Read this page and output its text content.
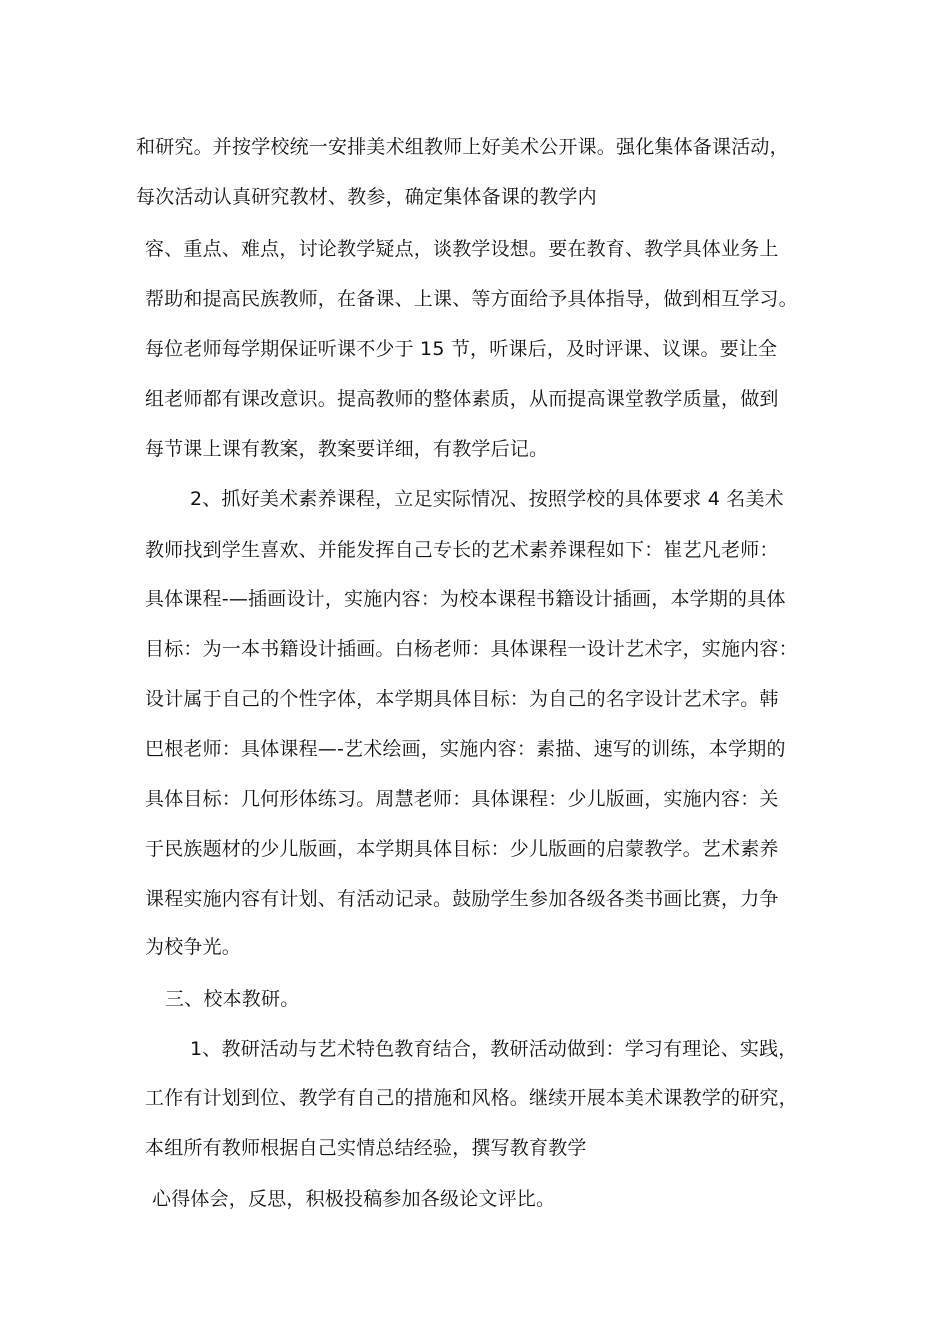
和研究。并按学校统一安排美术组教师上好美术公开课。强化集体备课活动，
每次活动认真研究教材、教参，确定集体备课的教学内
容、重点、难点，讨论教学疑点，谈教学设想。要在教育、教学具体业务上
帮助和提高民族教师，在备课、上课、等方面给予具体指导，做到相互学习。
每位老师每学期保证听课不少于 15 节，听课后，及时评课、议课。要让全
组老师都有课改意识。提高教师的整体素质，从而提高课堂教学质量，做到
每节课上课有教案，教案要详细，有教学后记。
2、抓好美术素养课程，立足实际情况、按照学校的具体要求 4 名美术
教师找到学生喜欢、并能发挥自己专长的艺术素养课程如下：崔艺凡老师：
具体课程-—插画设计，实施内容：为校本课程书籍设计插画，本学期的具体
目标：为一本书籍设计插画。白杨老师：具体课程一设计艺术字，实施内容：
设计属于自己的个性字体，本学期具体目标：为自己的名字设计艺术字。韩
巴根老师：具体课程—-艺术绘画，实施内容：素描、速写的训练，本学期的
具体目标：几何形体练习。周慧老师：具体课程：少儿版画，实施内容：关
于民族题材的少儿版画，本学期具体目标：少儿版画的启蒙教学。艺术素养
课程实施内容有计划、有活动记录。鼓励学生参加各级各类书画比赛，力争
为校争光。
三、校本教研。
1、教研活动与艺术特色教育结合，教研活动做到：学习有理论、实践，
工作有计划到位、教学有自己的措施和风格。继续开展本美术课教学的研究，
本组所有教师根据自己实情总结经验，撰写教育教学
心得体会，反思，积极投稿参加各级论文评比。
